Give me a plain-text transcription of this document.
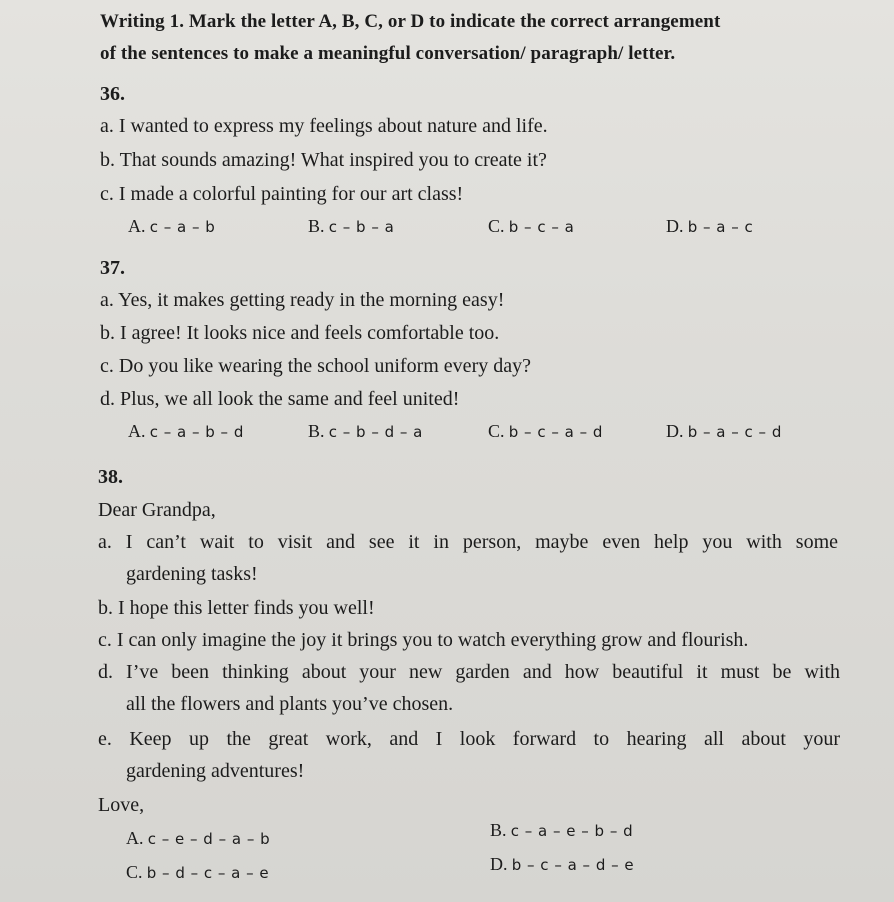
Writing 1. Mark the letter A, B, C, or D to indicate the correct arrangement
of the sentences to make a meaningful conversation/ paragraph/ letter.
36.
a. I wanted to express my feelings about nature and life.
b. That sounds amazing! What inspired you to create it?
c. I made a colorful painting for our art class!
A. c – a – b	B. c – b – a	C. b – c – a	D. b – a – c
37.
a. Yes, it makes getting ready in the morning easy!
b. I agree! It looks nice and feels comfortable too.
c. Do you like wearing the school uniform every day?
d. Plus, we all look the same and feel united!
A. c – a – b – d	B. c – b – d – a	C. b – c – a – d	D. b – a – c – d
38.
Dear Grandpa,
a. I can’t wait to visit and see it in person, maybe even help you with some
gardening tasks!
b. I hope this letter finds you well!
c. I can only imagine the joy it brings you to watch everything grow and flourish.
d. I’ve been thinking about your new garden and how beautiful it must be with
all the flowers and plants you’ve chosen.
e. Keep up the great work, and I look forward to hearing all about your
gardening adventures!
Love,
A. c – e – d – a – b	B. c – a – e – b – d
C. b – d – c – a – e	D. b – c – a – d – e
